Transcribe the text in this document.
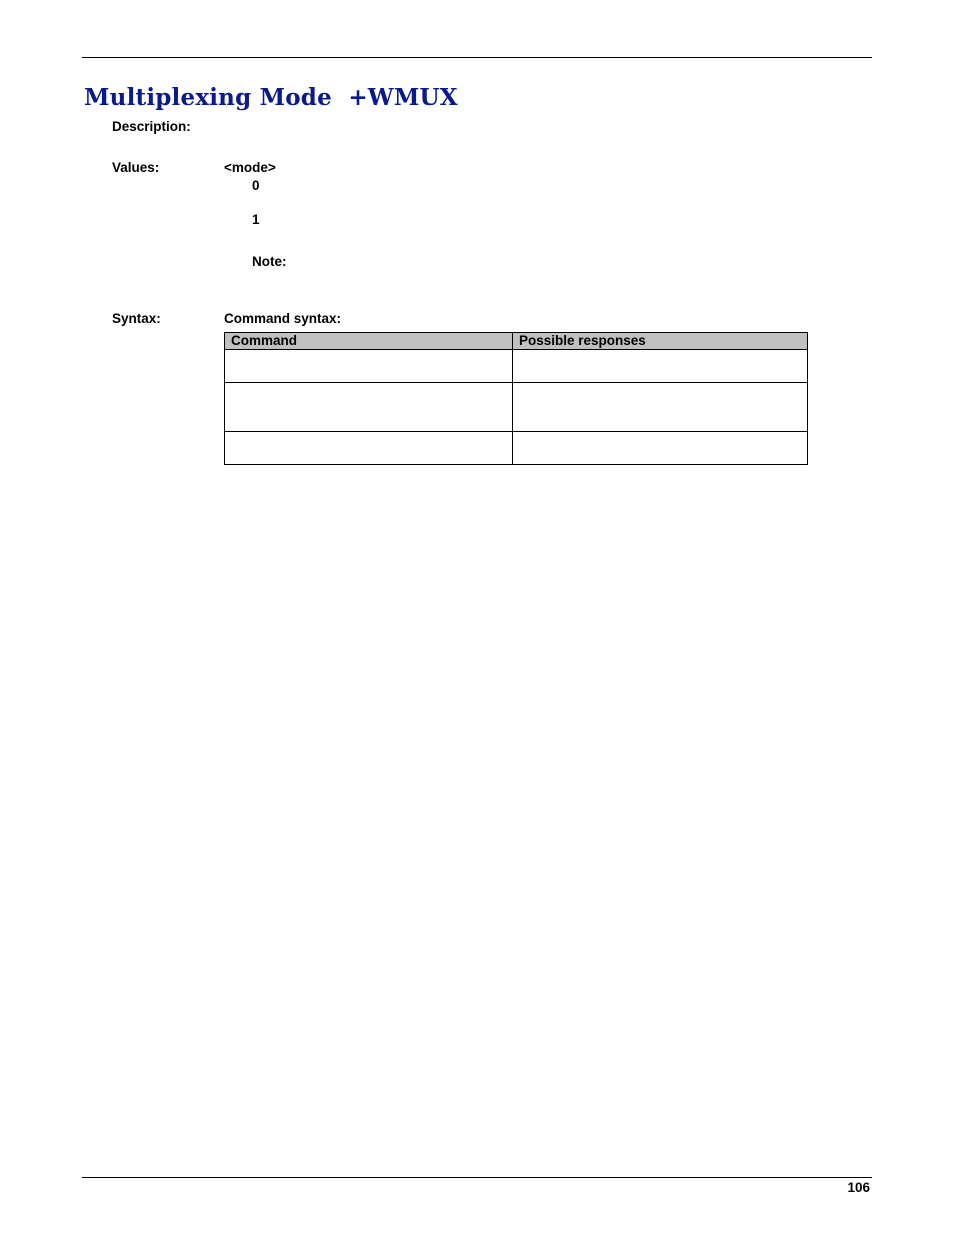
Multiplexing Mode  +WMUX
Description:
Values:	<mode>
0
1
Note:
Syntax:	Command syntax:
Command	Possible responses

106
